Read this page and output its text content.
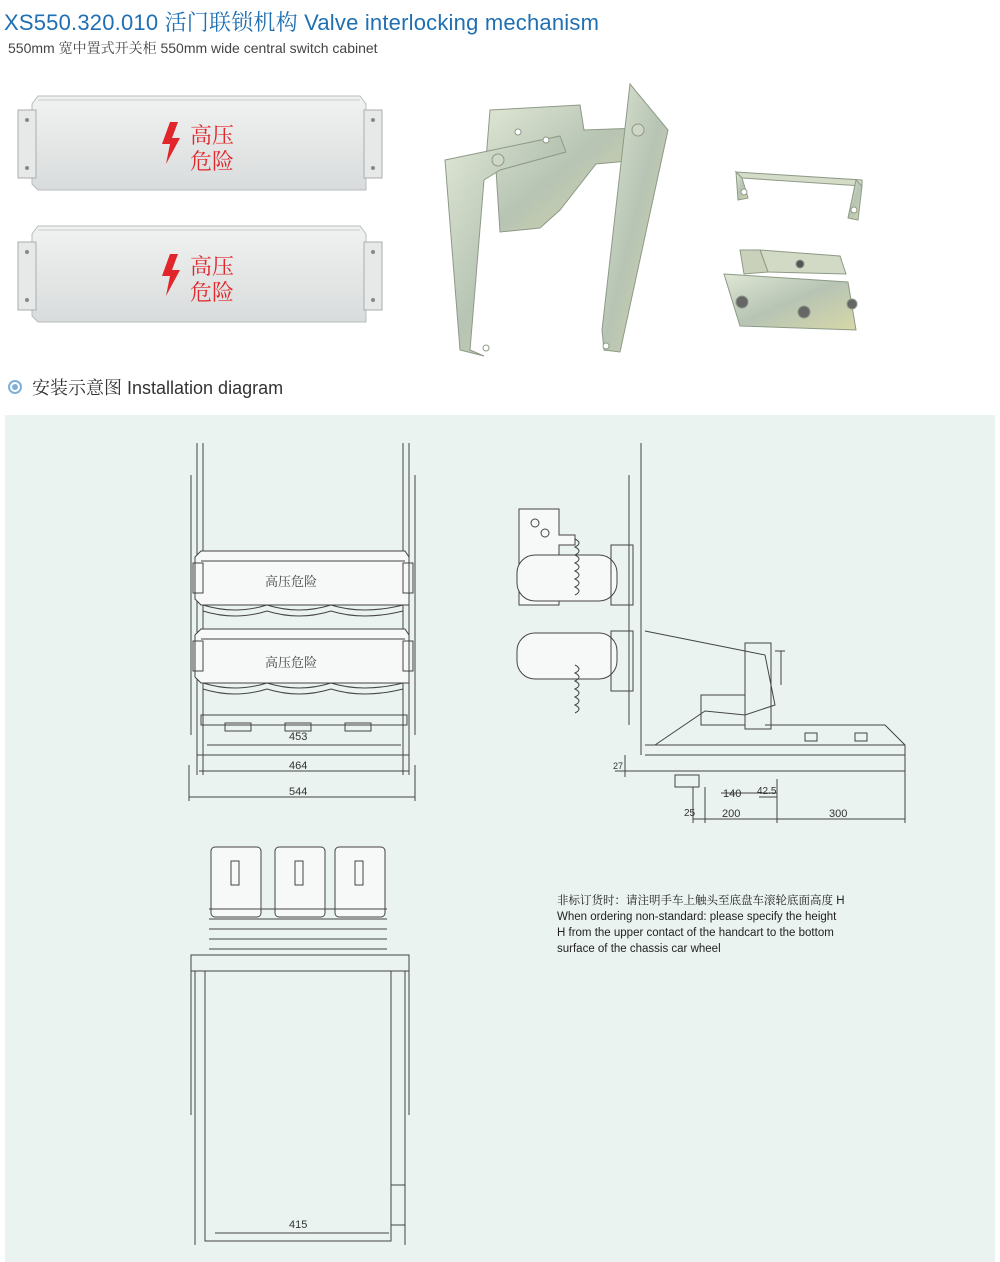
XS550.320.010 活门联锁机构 Valve interlocking mechanism
550mm 宽中置式开关柜 550mm wide central switch cabinet
高压
危险
高压
危险
安装示意图 Installation diagram
高压危险
高压危险
453
464
544
27
140 42.5
25 200	300
415
非标订货时：请注明手车上触头至底盘车滚轮底面高度 H
When ordering non-standard: please specify the height
H from the upper contact of the handcart to the bottom
surface of the chassis car wheel
